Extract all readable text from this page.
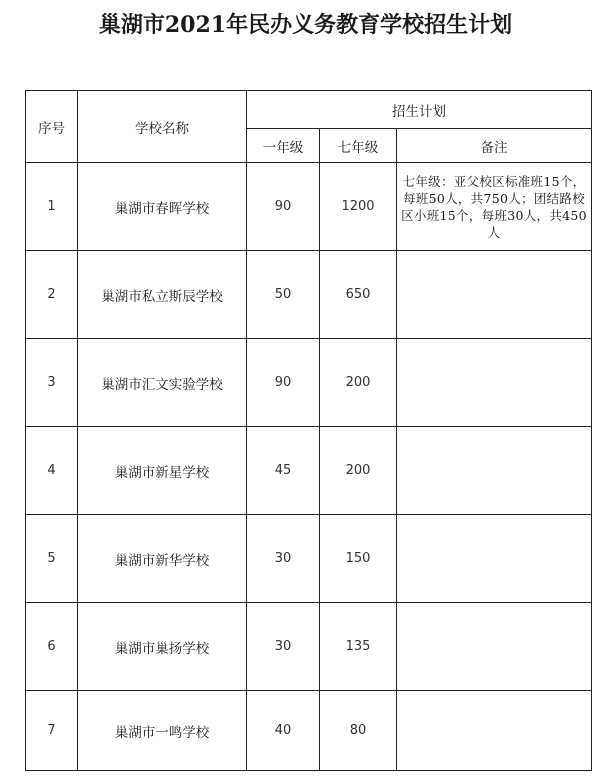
巢湖市2021年民办义务教育学校招生计划
序号	学校名称	招生计划		
		一年级	七年级	备注
1	巢湖市春晖学校	90	1200	七年级：亚父校区标准班15个，每班50人，共750人；团结路校区小班15个，每班30人，共450人
2	巢湖市私立斯辰学校	50	650	
3	巢湖市汇文实验学校	90	200	
4	巢湖市新星学校	45	200	
5	巢湖市新华学校	30	150	
6	巢湖市巢扬学校	30	135	
7	巢湖市一鸣学校	40	80	
